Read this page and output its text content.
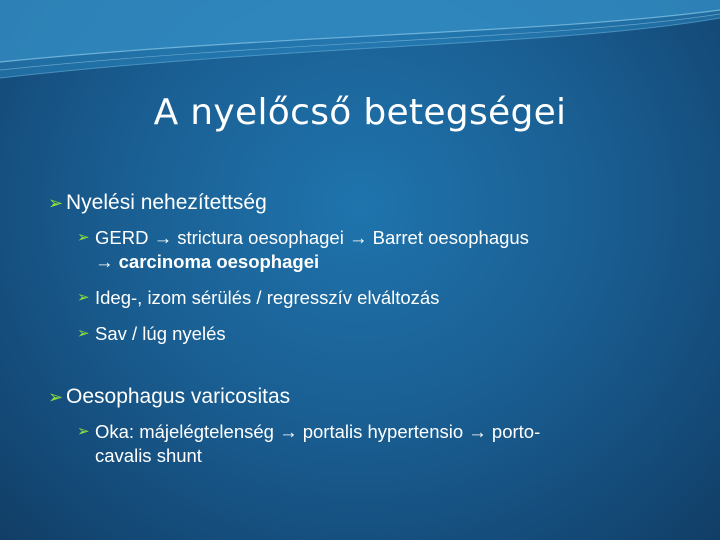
A nyelőcső betegségei
➢ Nyelési nehezítettség
➢ GERD → strictura oesophagei → Barret oesophagus
→ carcinoma oesophagei
➢ Ideg-, izom sérülés / regresszív elváltozás
➢ Sav / lúg nyelés
➢ Oesophagus varicositas
➢ Oka: májelégtelenség → portalis hypertensio → porto-
cavalis shunt
